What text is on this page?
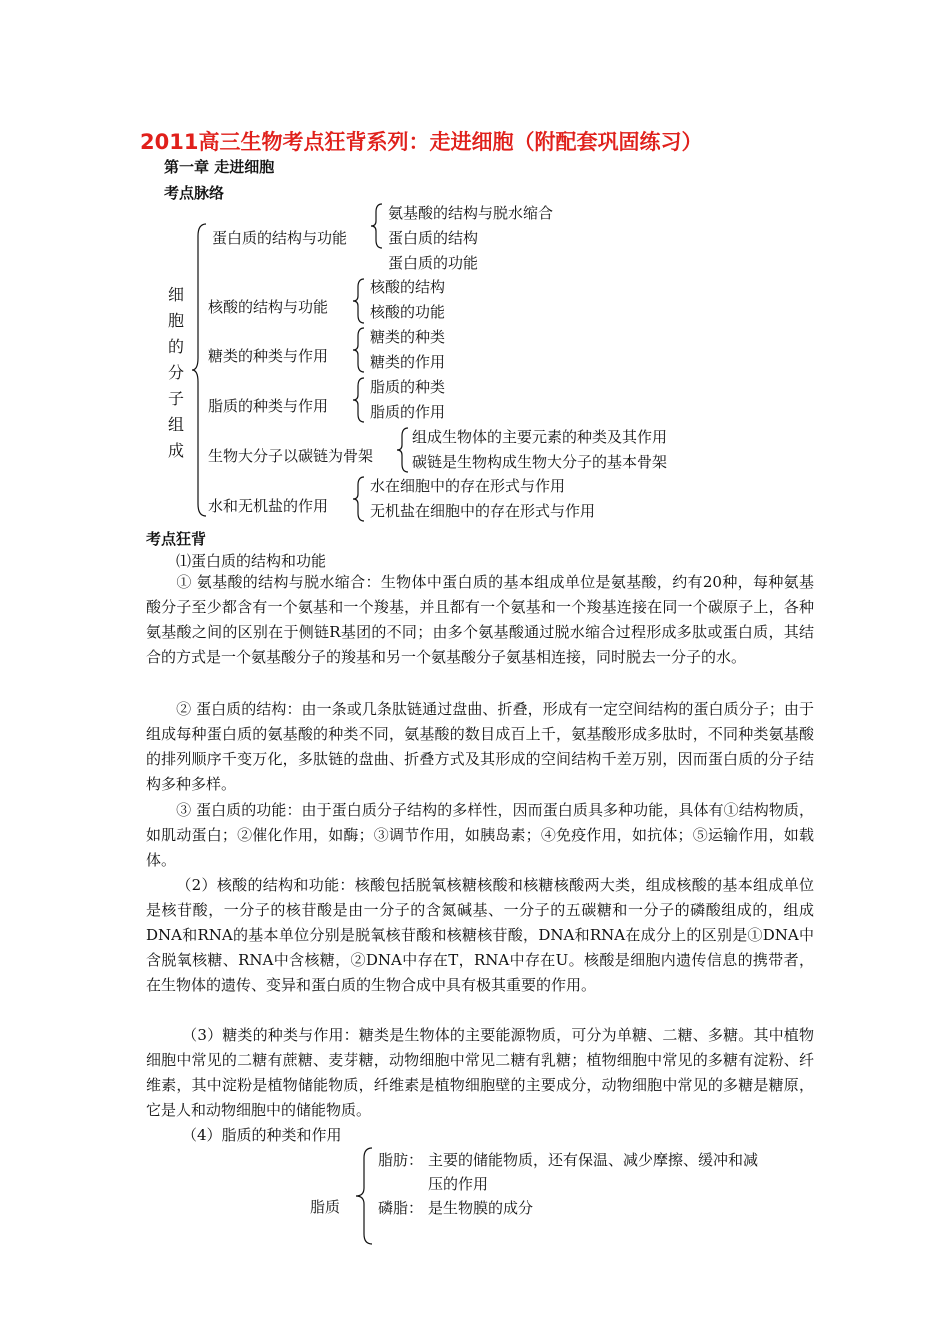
2011高三生物考点狂背系列：走进细胞（附配套巩固练习）
第一章 走进细胞
考点脉络
细
胞
的
分
子
组
成
蛋白质的结构与功能
氨基酸的结构与脱水缩合
蛋白质的结构
蛋白质的功能
核酸的结构与功能
核酸的结构
核酸的功能
糖类的种类与作用
糖类的种类
糖类的作用
脂质的种类与作用
脂质的种类
脂质的作用
生物大分子以碳链为骨架
组成生物体的主要元素的种类及其作用
碳链是生物构成生物大分子的基本骨架
水和无机盐的作用
水在细胞中的存在形式与作用
无机盐在细胞中的存在形式与作用
考点狂背
⑴蛋白质的结构和功能
① 氨基酸的结构与脱水缩合：生物体中蛋白质的基本组成单位是氨基酸，约有20种，每种氨基酸分子至少都含有一个氨基和一个羧基，并且都有一个氨基和一个羧基连接在同一个碳原子上，各种氨基酸之间的区别在于侧链R基团的不同；由多个氨基酸通过脱水缩合过程形成多肽或蛋白质，其结合的方式是一个氨基酸分子的羧基和另一个氨基酸分子氨基相连接，同时脱去一分子的水。
② 蛋白质的结构：由一条或几条肽链通过盘曲、折叠，形成有一定空间结构的蛋白质分子；由于组成每种蛋白质的氨基酸的种类不同，氨基酸的数目成百上千，氨基酸形成多肽时，不同种类氨基酸的排列顺序千变万化，多肽链的盘曲、折叠方式及其形成的空间结构千差万别，因而蛋白质的分子结构多种多样。
③ 蛋白质的功能：由于蛋白质分子结构的多样性，因而蛋白质具多种功能，具体有①结构物质，如肌动蛋白；②催化作用，如酶；③调节作用，如胰岛素；④免疫作用，如抗体；⑤运输作用，如载体。
（2）核酸的结构和功能：核酸包括脱氧核糖核酸和核糖核酸两大类，组成核酸的基本组成单位是核苷酸，一分子的核苷酸是由一分子的含氮碱基、一分子的五碳糖和一分子的磷酸组成的，组成DNA和RNA的基本单位分别是脱氧核苷酸和核糖核苷酸，DNA和RNA在成分上的区别是①DNA中含脱氧核糖、RNA中含核糖，②DNA中存在T，RNA中存在U。核酸是细胞内遗传信息的携带者，在生物体的遗传、变异和蛋白质的生物合成中具有极其重要的作用。
（3）糖类的种类与作用：糖类是生物体的主要能源物质，可分为单糖、二糖、多糖。其中植物细胞中常见的二糖有蔗糖、麦芽糖，动物细胞中常见二糖有乳糖；植物细胞中常见的多糖有淀粉、纤维素，其中淀粉是植物储能物质，纤维素是植物细胞壁的主要成分，动物细胞中常见的多糖是糖原，它是人和动物细胞中的储能物质。
（4）脂质的种类和作用
脂质
脂肪： 主要的储能物质，还有保温、减少摩擦、缓冲和减
压的作用
磷脂： 是生物膜的成分
